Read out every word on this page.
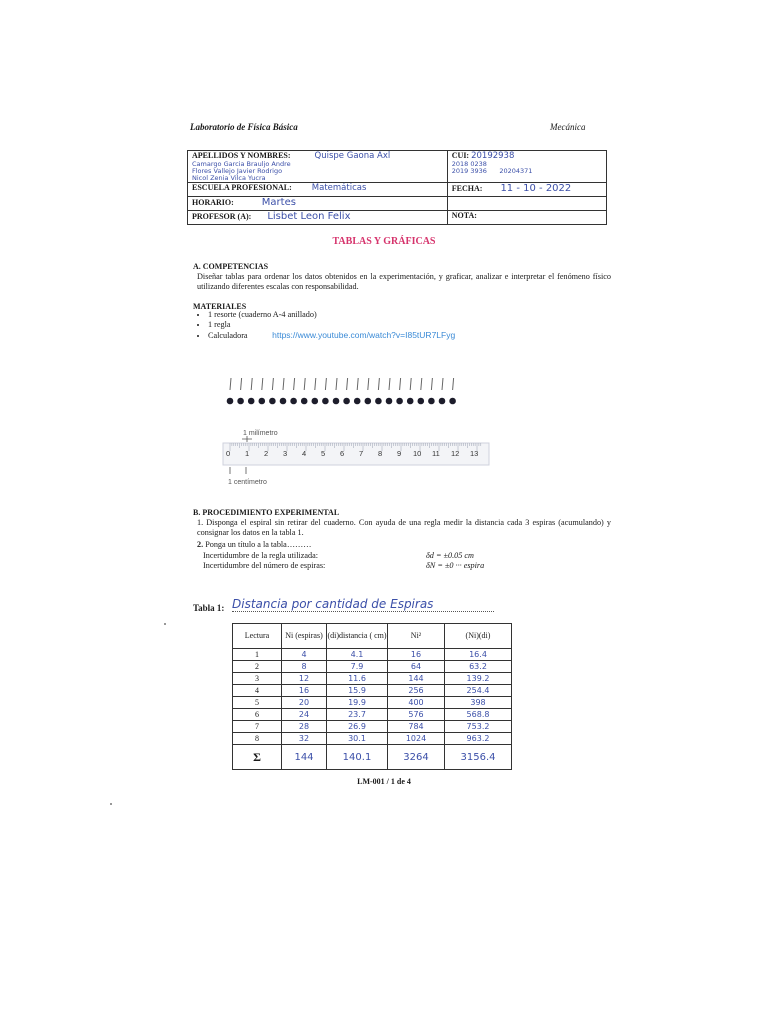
Laboratorio de Física Básica	Mecánica
APELLIDOS Y NOMBRES: Quispe Gaona Axl
Camargo Garcia Brauljo Andre
Flores Vallejo Javier Rodrigo
Nicol Zenia Vilca Yucra	CUI: 20192938
2018 0238
2019 3936 20204371

ESCUELA PROFESIONAL: Matemáticas	FECHA: 11 - 10 - 2022
HORARIO: Martes	
PROFESOR (A): Lisbet Leon Felix	NOTA:
TABLAS Y GRÁFICAS
A. COMPETENCIAS
Diseñar tablas para ordenar los datos obtenidos en la experimentación, y graficar, analizar e interpretar el fenómeno físico utilizando diferentes escalas con responsabilidad.
MATERIALES
• 1 resorte (cuaderno A-4 anillado)
• 1 regla
• Calculadora	https://www.youtube.com/watch?v=I85tUR7LFyg
1 milímetro
1 centímetro
0 1 2 3 4 5 6 7 8 9 10 11 12 13
B. PROCEDIMIENTO EXPERIMENTAL
1. Disponga el espiral sin retirar del cuaderno. Con ayuda de una regla medir la distancia cada 3 espiras (acumulando) y consignar los datos en la tabla 1.
2. Ponga un título a la tabla………
Incertidumbre de la regla utilizada:	δd = ±0.05 cm
Incertidumbre del número de espiras:	δN = ±0 ··· espira
Tabla 1: Distancia por cantidad de Espiras
Lectura	Ni (espiras)	(di)distancia ( cm)	Ni²	(Ni)(di)
1	4	4.1	16	16.4
2	8	7.9	64	63.2
3	12	11.6	144	139.2
4	16	15.9	256	254.4
5	20	19.9	400	398
6	24	23.7	576	568.8
7	28	26.9	784	753.2
8	32	30.1	1024	963.2
Σ	144	140.1	3264	3156.4
LM-001 / 1 de 4
